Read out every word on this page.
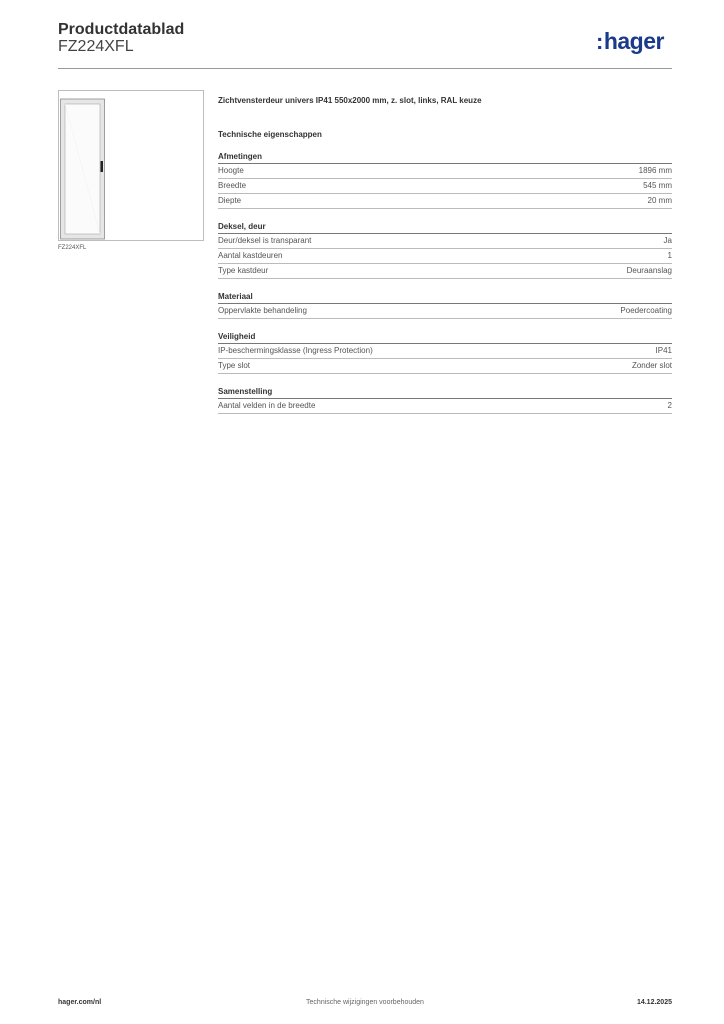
Productdatablad
FZ224XFL	:hager
FZ224XFL
Zichtvensterdeur univers IP41 550x2000 mm, z. slot, links, RAL keuze
Technische eigenschappen
Afmetingen
Hoogte	1896 mm
Breedte	545 mm
Diepte	20 mm
Deksel, deur
Deur/deksel is transparant	Ja
Aantal kastdeuren	1
Type kastdeur	Deuraanslag
Materiaal
Oppervlakte behandeling	Poedercoating
Veiligheid
IP-beschermingsklasse (Ingress Protection)	IP41
Type slot	Zonder slot
Samenstelling
Aantal velden in de breedte	2
hager.com/nl	Technische wijzigingen voorbehouden	14.12.2025
